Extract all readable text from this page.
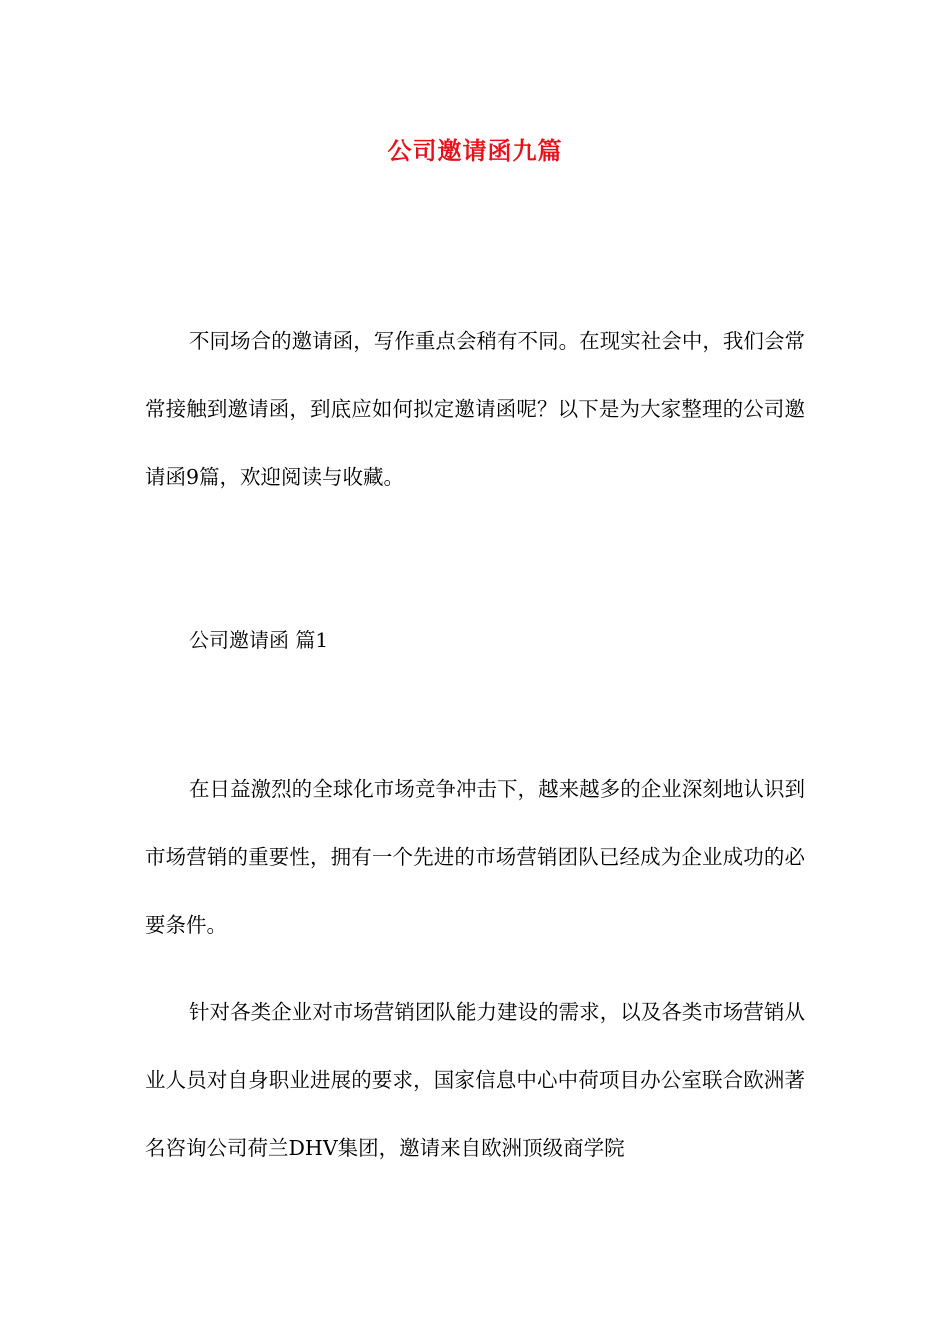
公司邀请函九篇

不同场合的邀请函，写作重点会稍有不同。在现实社会中，我们会常常接触到邀请函，到底应如何拟定邀请函呢？以下是为大家整理的公司邀请函9篇，欢迎阅读与收藏。

公司邀请函 篇1

在日益激烈的全球化市场竞争冲击下，越来越多的企业深刻地认识到市场营销的重要性，拥有一个先进的市场营销团队已经成为企业成功的必要条件。

针对各类企业对市场营销团队能力建设的需求，以及各类市场营销从业人员对自身职业进展的要求，国家信息中心中荷项目办公室联合欧洲著名咨询公司荷兰DHV集团，邀请来自欧洲顶级商学院
